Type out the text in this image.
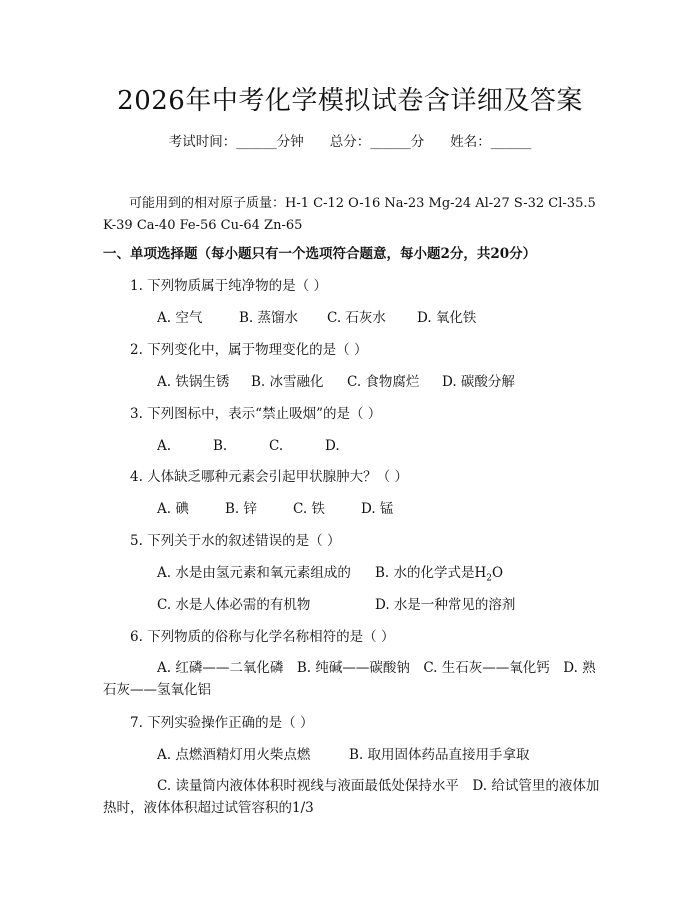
2026年中考化学模拟试卷含详细及答案
考试时间：______分钟 总分：______分 姓名：______
可能用到的相对原子质量：H-1 C-12 O-16 Na-23 Mg-24 Al-27 S-32 Cl-35.5 K-39 Ca-40 Fe-56 Cu-64 Zn-65
一、单项选择题（每小题只有一个选项符合题意，每小题2分，共20分）
1. 下列物质属于纯净物的是（ ）
A. 空气	B. 蒸馏水 C. 石灰水 D. 氧化铁
2. 下列变化中，属于物理变化的是（ ）
A. 铁锅生锈 B. 冰雪融化 C. 食物腐烂 D. 碳酸分解
3. 下列图标中，表示“禁止吸烟”的是（ ）
A.	B.	C.	D.
4. 人体缺乏哪种元素会引起甲状腺肿大？（ ）
A. 碘	B. 锌	C. 铁	D. 锰
5. 下列关于水的叙述错误的是（ ）
A. 水是由氢元素和氧元素组成的 B. 水的化学式是$H_2O$
C. 水是人体必需的有机物	D. 水是一种常见的溶剂
6. 下列物质的俗称与化学名称相符的是（ ）
A. 红磷——二氧化磷　B. 纯碱——碳酸钠　C. 生石灰——氧化钙　D. 熟石灰——氢氧化铝
7. 下列实验操作正确的是（ ）
A. 点燃酒精灯用火柴点燃	B. 取用固体药品直接用手拿取
C. 读量筒内液体体积时视线与液面最低处保持水平　D. 给试管里的液体加热时，液体体积超过试管容积的1/3
